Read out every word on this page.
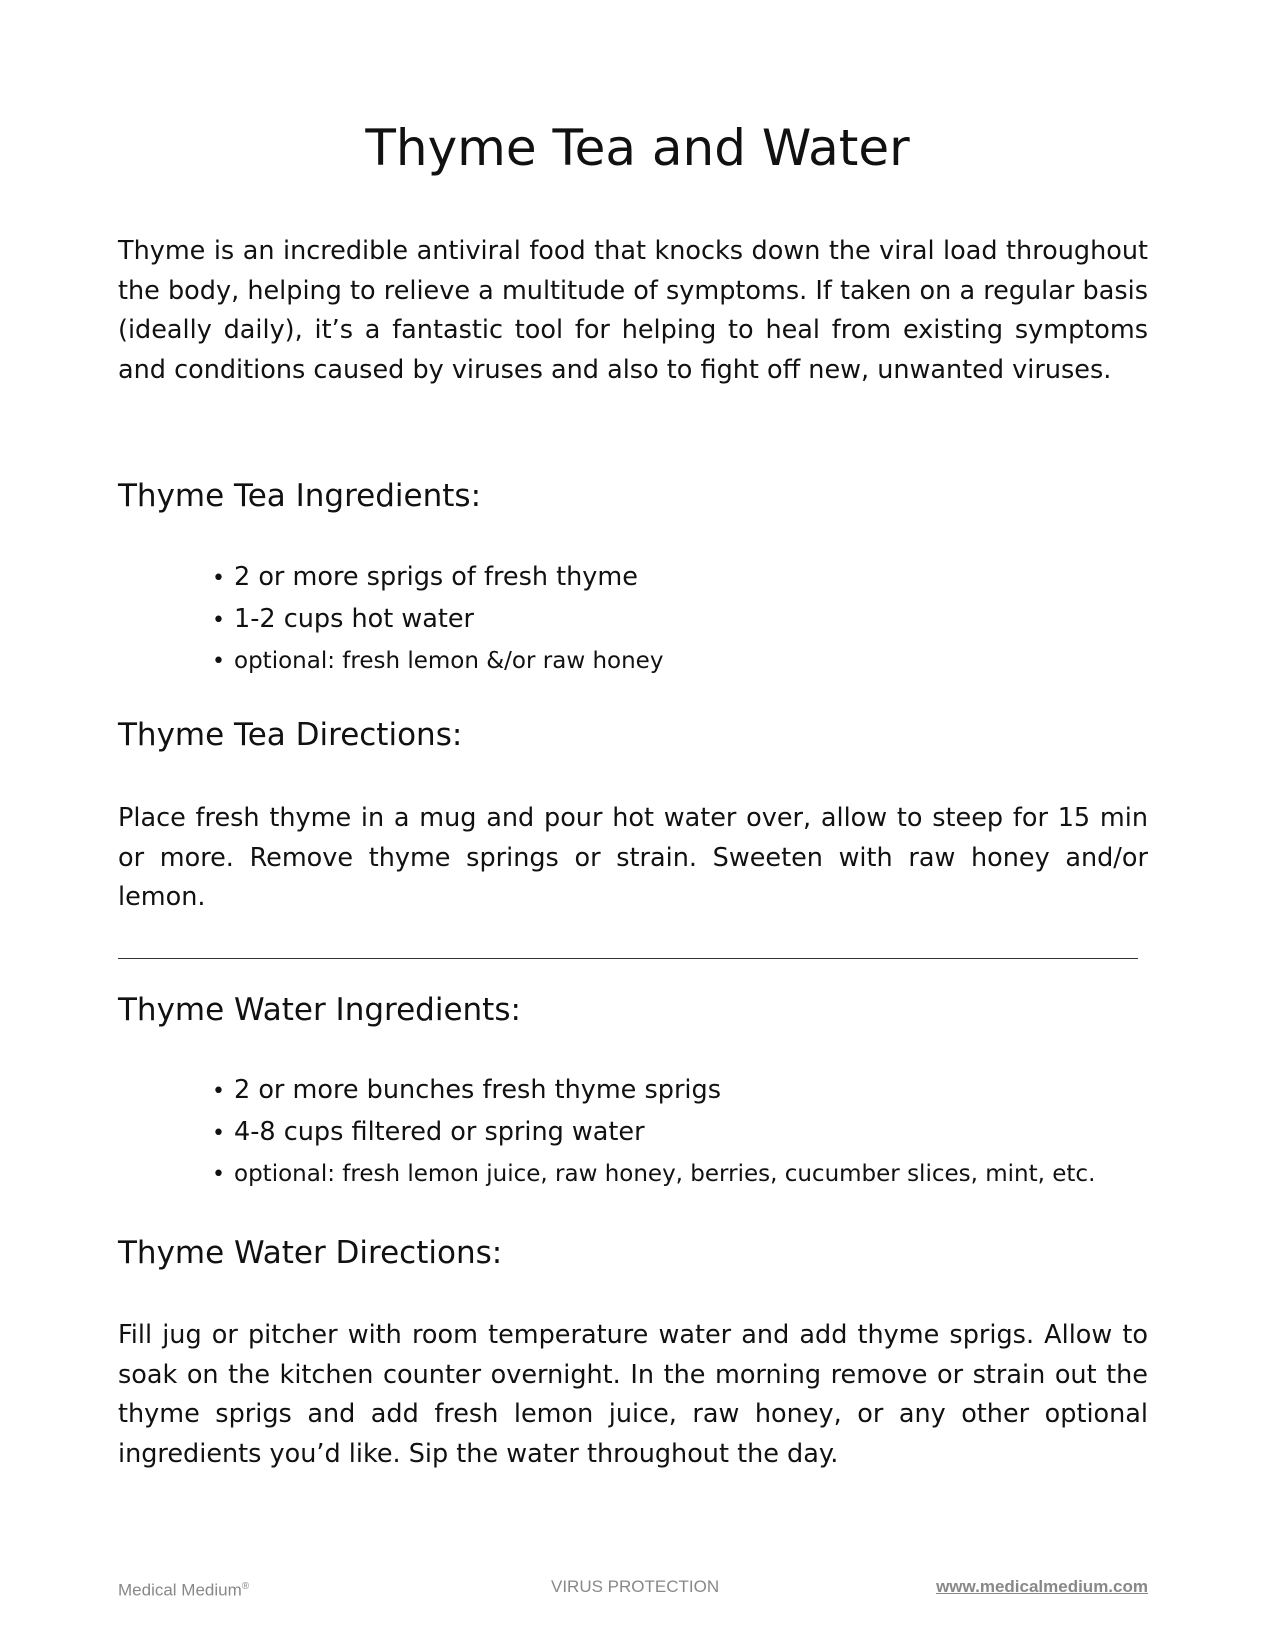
Thyme Tea and Water

Thyme is an incredible antiviral food that knocks down the viral load throughout the body, helping to relieve a multitude of symptoms. If taken on a regular basis (ideally daily), it’s a fantastic tool for helping to heal from existing symptoms and conditions caused by viruses and also to fight off new, unwanted viruses.

Thyme Tea Ingredients:
• 2 or more sprigs of fresh thyme
• 1-2 cups hot water
• optional: fresh lemon &/or raw honey
Thyme Tea Directions:

Place fresh thyme in a mug and pour hot water over, allow to steep for 15 min or more. Remove thyme springs or strain. Sweeten with raw honey and/or lemon.

Thyme Water Ingredients:
• 2 or more bunches fresh thyme sprigs
• 4-8 cups filtered or spring water
• optional: fresh lemon juice, raw honey, berries, cucumber slices, mint, etc.
Thyme Water Directions:

Fill jug or pitcher with room temperature water and add thyme sprigs. Allow to soak on the kitchen counter overnight. In the morning remove or strain out the thyme sprigs and add fresh lemon juice, raw honey, or any other optional ingredients you’d like. Sip the water throughout the day.

Medical Medium®	VIRUS PROTECTION	www.medicalmedium.com
